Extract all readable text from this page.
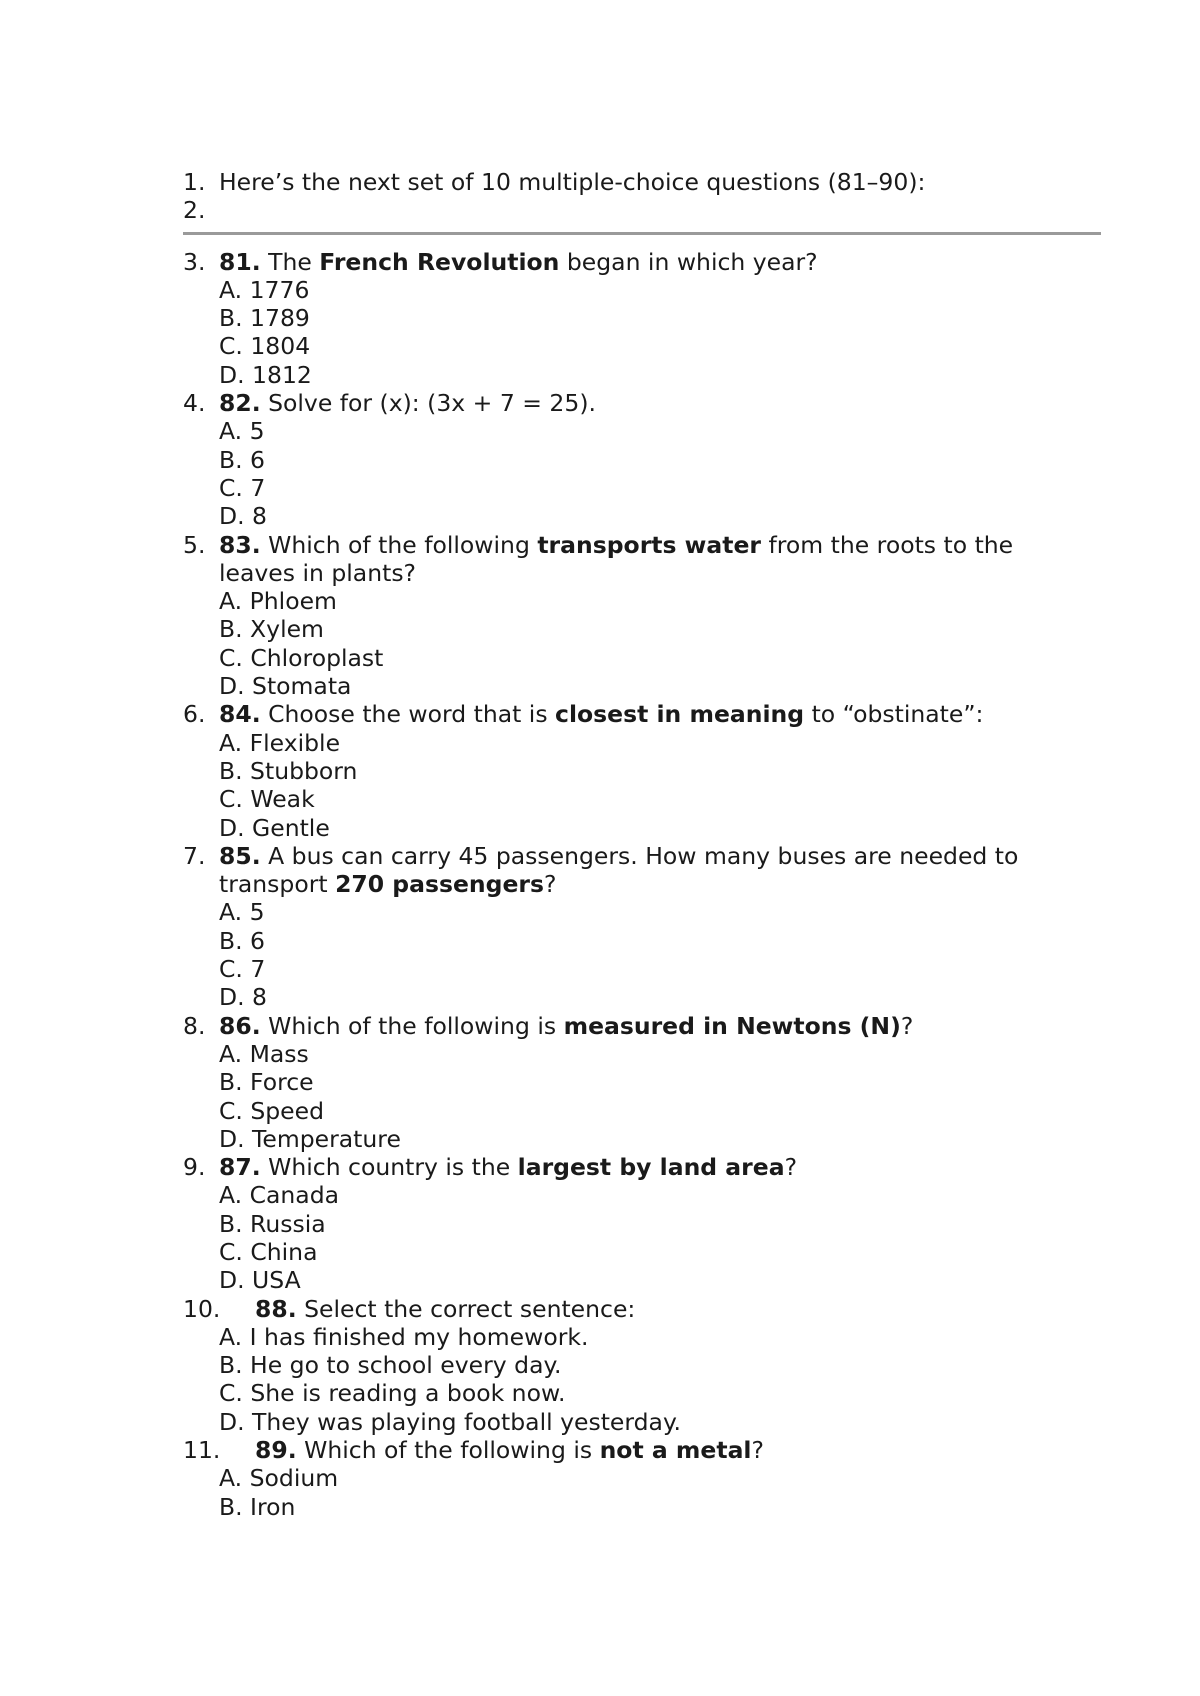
1. Here’s the next set of 10 multiple-choice questions (81–90):
2.

3. 81. The French Revolution began in which year?
A. 1776
B. 1789
C. 1804
D. 1812
4. 82. Solve for (x): (3x + 7 = 25).
A. 5
B. 6
C. 7
D. 8
5. 83. Which of the following transports water from the roots to the
leaves in plants?
A. Phloem
B. Xylem
C. Chloroplast
D. Stomata
6. 84. Choose the word that is closest in meaning to “obstinate”:
A. Flexible
B. Stubborn
C. Weak
D. Gentle
7. 85. A bus can carry 45 passengers. How many buses are needed to
transport 270 passengers?
A. 5
B. 6
C. 7
D. 8
8. 86. Which of the following is measured in Newtons (N)?
A. Mass
B. Force
C. Speed
D. Temperature
9. 87. Which country is the largest by land area?
A. Canada
B. Russia
C. China
D. USA
10. 88. Select the correct sentence:
A. I has finished my homework.
B. He go to school every day.
C. She is reading a book now.
D. They was playing football yesterday.
11. 89. Which of the following is not a metal?
A. Sodium
B. Iron
